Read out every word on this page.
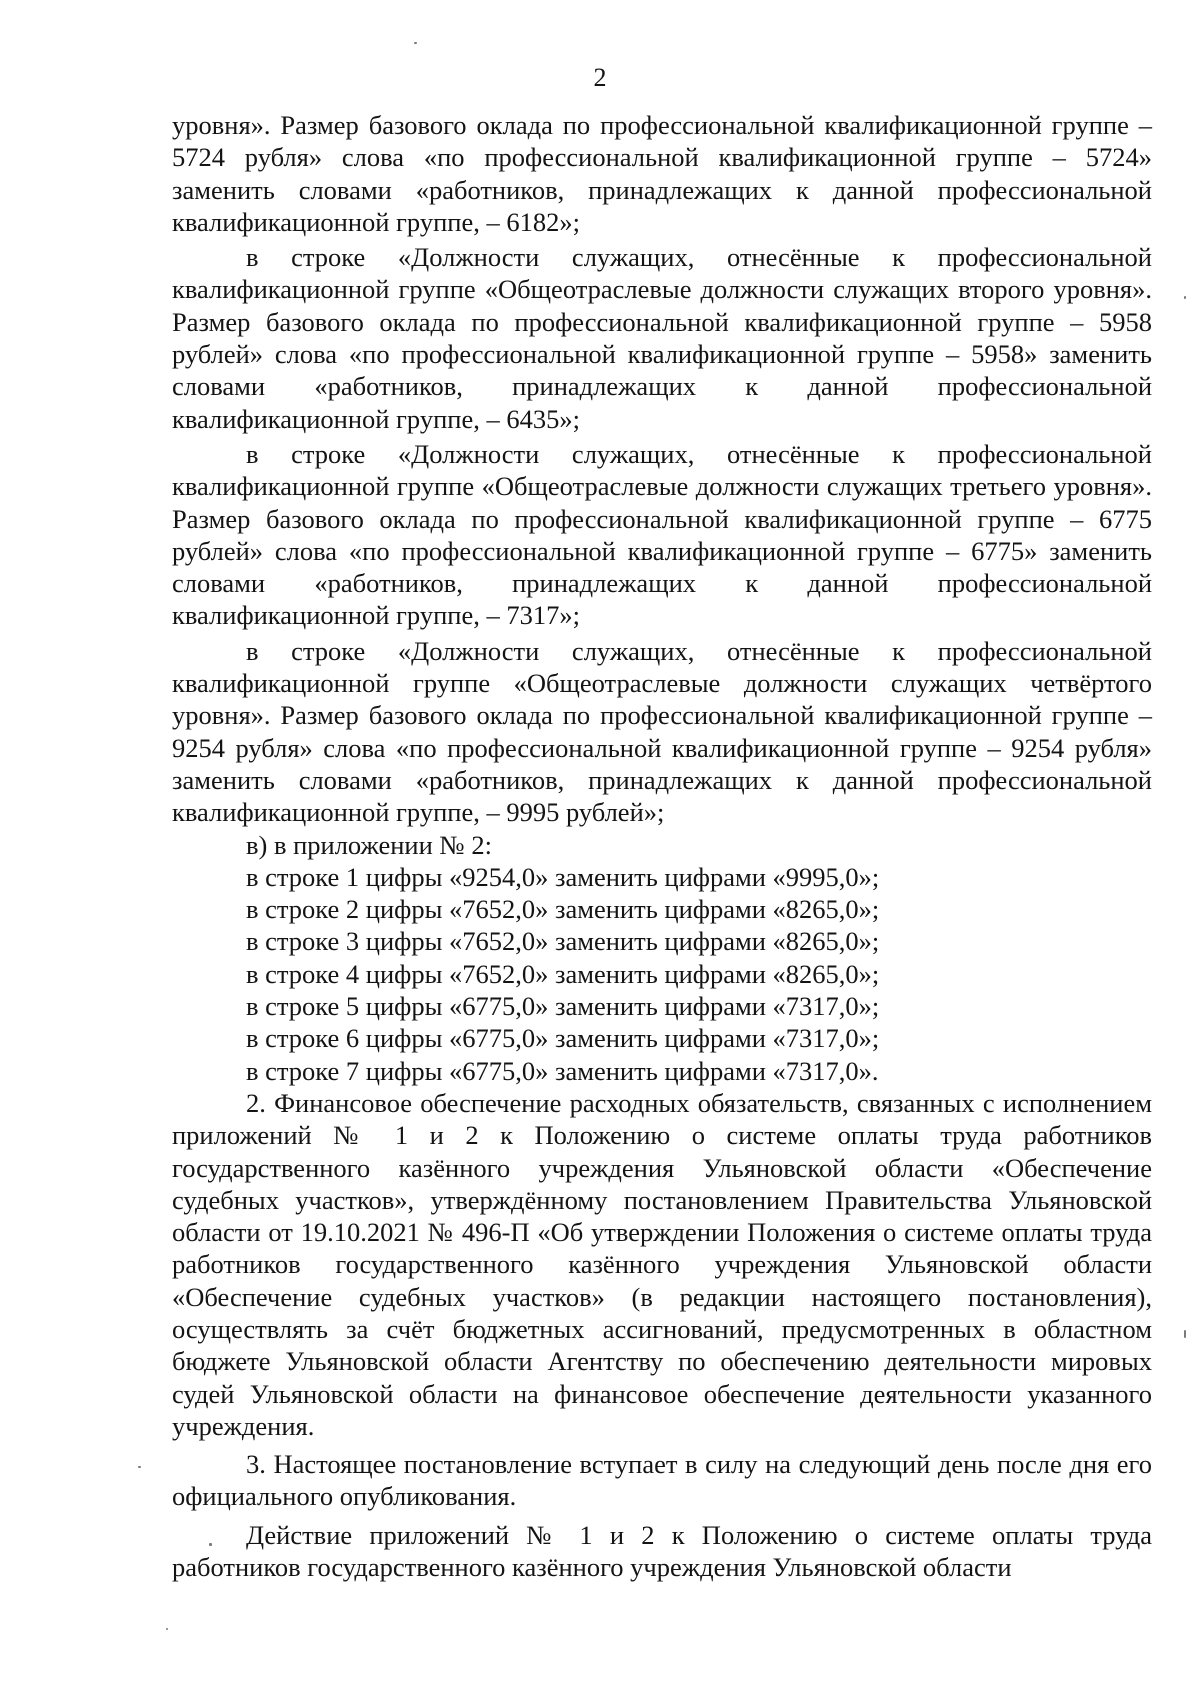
2

уровня». Размер базового оклада по профессиональной квалификационной группе – 5724 рубля» слова «по профессиональной квалификационной группе – 5724» заменить словами «работников, принадлежащих к данной профессиональной квалификационной группе, – 6182»;

в строке «Должности служащих, отнесённые к профессиональной квалификационной группе «Общеотраслевые должности служащих второго уровня». Размер базового оклада по профессиональной квалификационной группе – 5958 рублей» слова «по профессиональной квалификационной группе – 5958» заменить словами «работников, принадлежащих к данной профессиональной квалификационной группе, – 6435»;

в строке «Должности служащих, отнесённые к профессиональной квалификационной группе «Общеотраслевые должности служащих третьего уровня». Размер базового оклада по профессиональной квалификационной группе – 6775 рублей» слова «по профессиональной квалификационной группе – 6775» заменить словами «работников, принадлежащих к данной профессиональной квалификационной группе, – 7317»;

в строке «Должности служащих, отнесённые к профессиональной квалификационной группе «Общеотраслевые должности служащих четвёртого уровня». Размер базового оклада по профессиональной квалификационной группе – 9254 рубля» слова «по профессиональной квалификационной группе – 9254 рубля» заменить словами «работников, принадлежащих к данной профессиональной квалификационной группе, – 9995 рублей»;

в) в приложении № 2:

в строке 1 цифры «9254,0» заменить цифрами «9995,0»;

в строке 2 цифры «7652,0» заменить цифрами «8265,0»;

в строке 3 цифры «7652,0» заменить цифрами «8265,0»;

в строке 4 цифры «7652,0» заменить цифрами «8265,0»;

в строке 5 цифры «6775,0» заменить цифрами «7317,0»;

в строке 6 цифры «6775,0» заменить цифрами «7317,0»;

в строке 7 цифры «6775,0» заменить цифрами «7317,0».

2. Финансовое обеспечение расходных обязательств, связанных с исполнением приложений № 1 и 2 к Положению о системе оплаты труда работников государственного казённого учреждения Ульяновской области «Обеспечение судебных участков», утверждённому постановлением Правительства Ульяновской области от 19.10.2021 № 496-П «Об утверждении Положения о системе оплаты труда работников государственного казённого учреждения Ульяновской области «Обеспечение судебных участков» (в редакции настоящего постановления), осуществлять за счёт бюджетных ассигнований, предусмотренных в областном бюджете Ульяновской области Агентству по обеспечению деятельности мировых судей Ульяновской области на финансовое обеспечение деятельности указанного учреждения.

3. Настоящее постановление вступает в силу на следующий день после дня его официального опубликования.

Действие приложений № 1 и 2 к Положению о системе оплаты труда работников государственного казённого учреждения Ульяновской области
